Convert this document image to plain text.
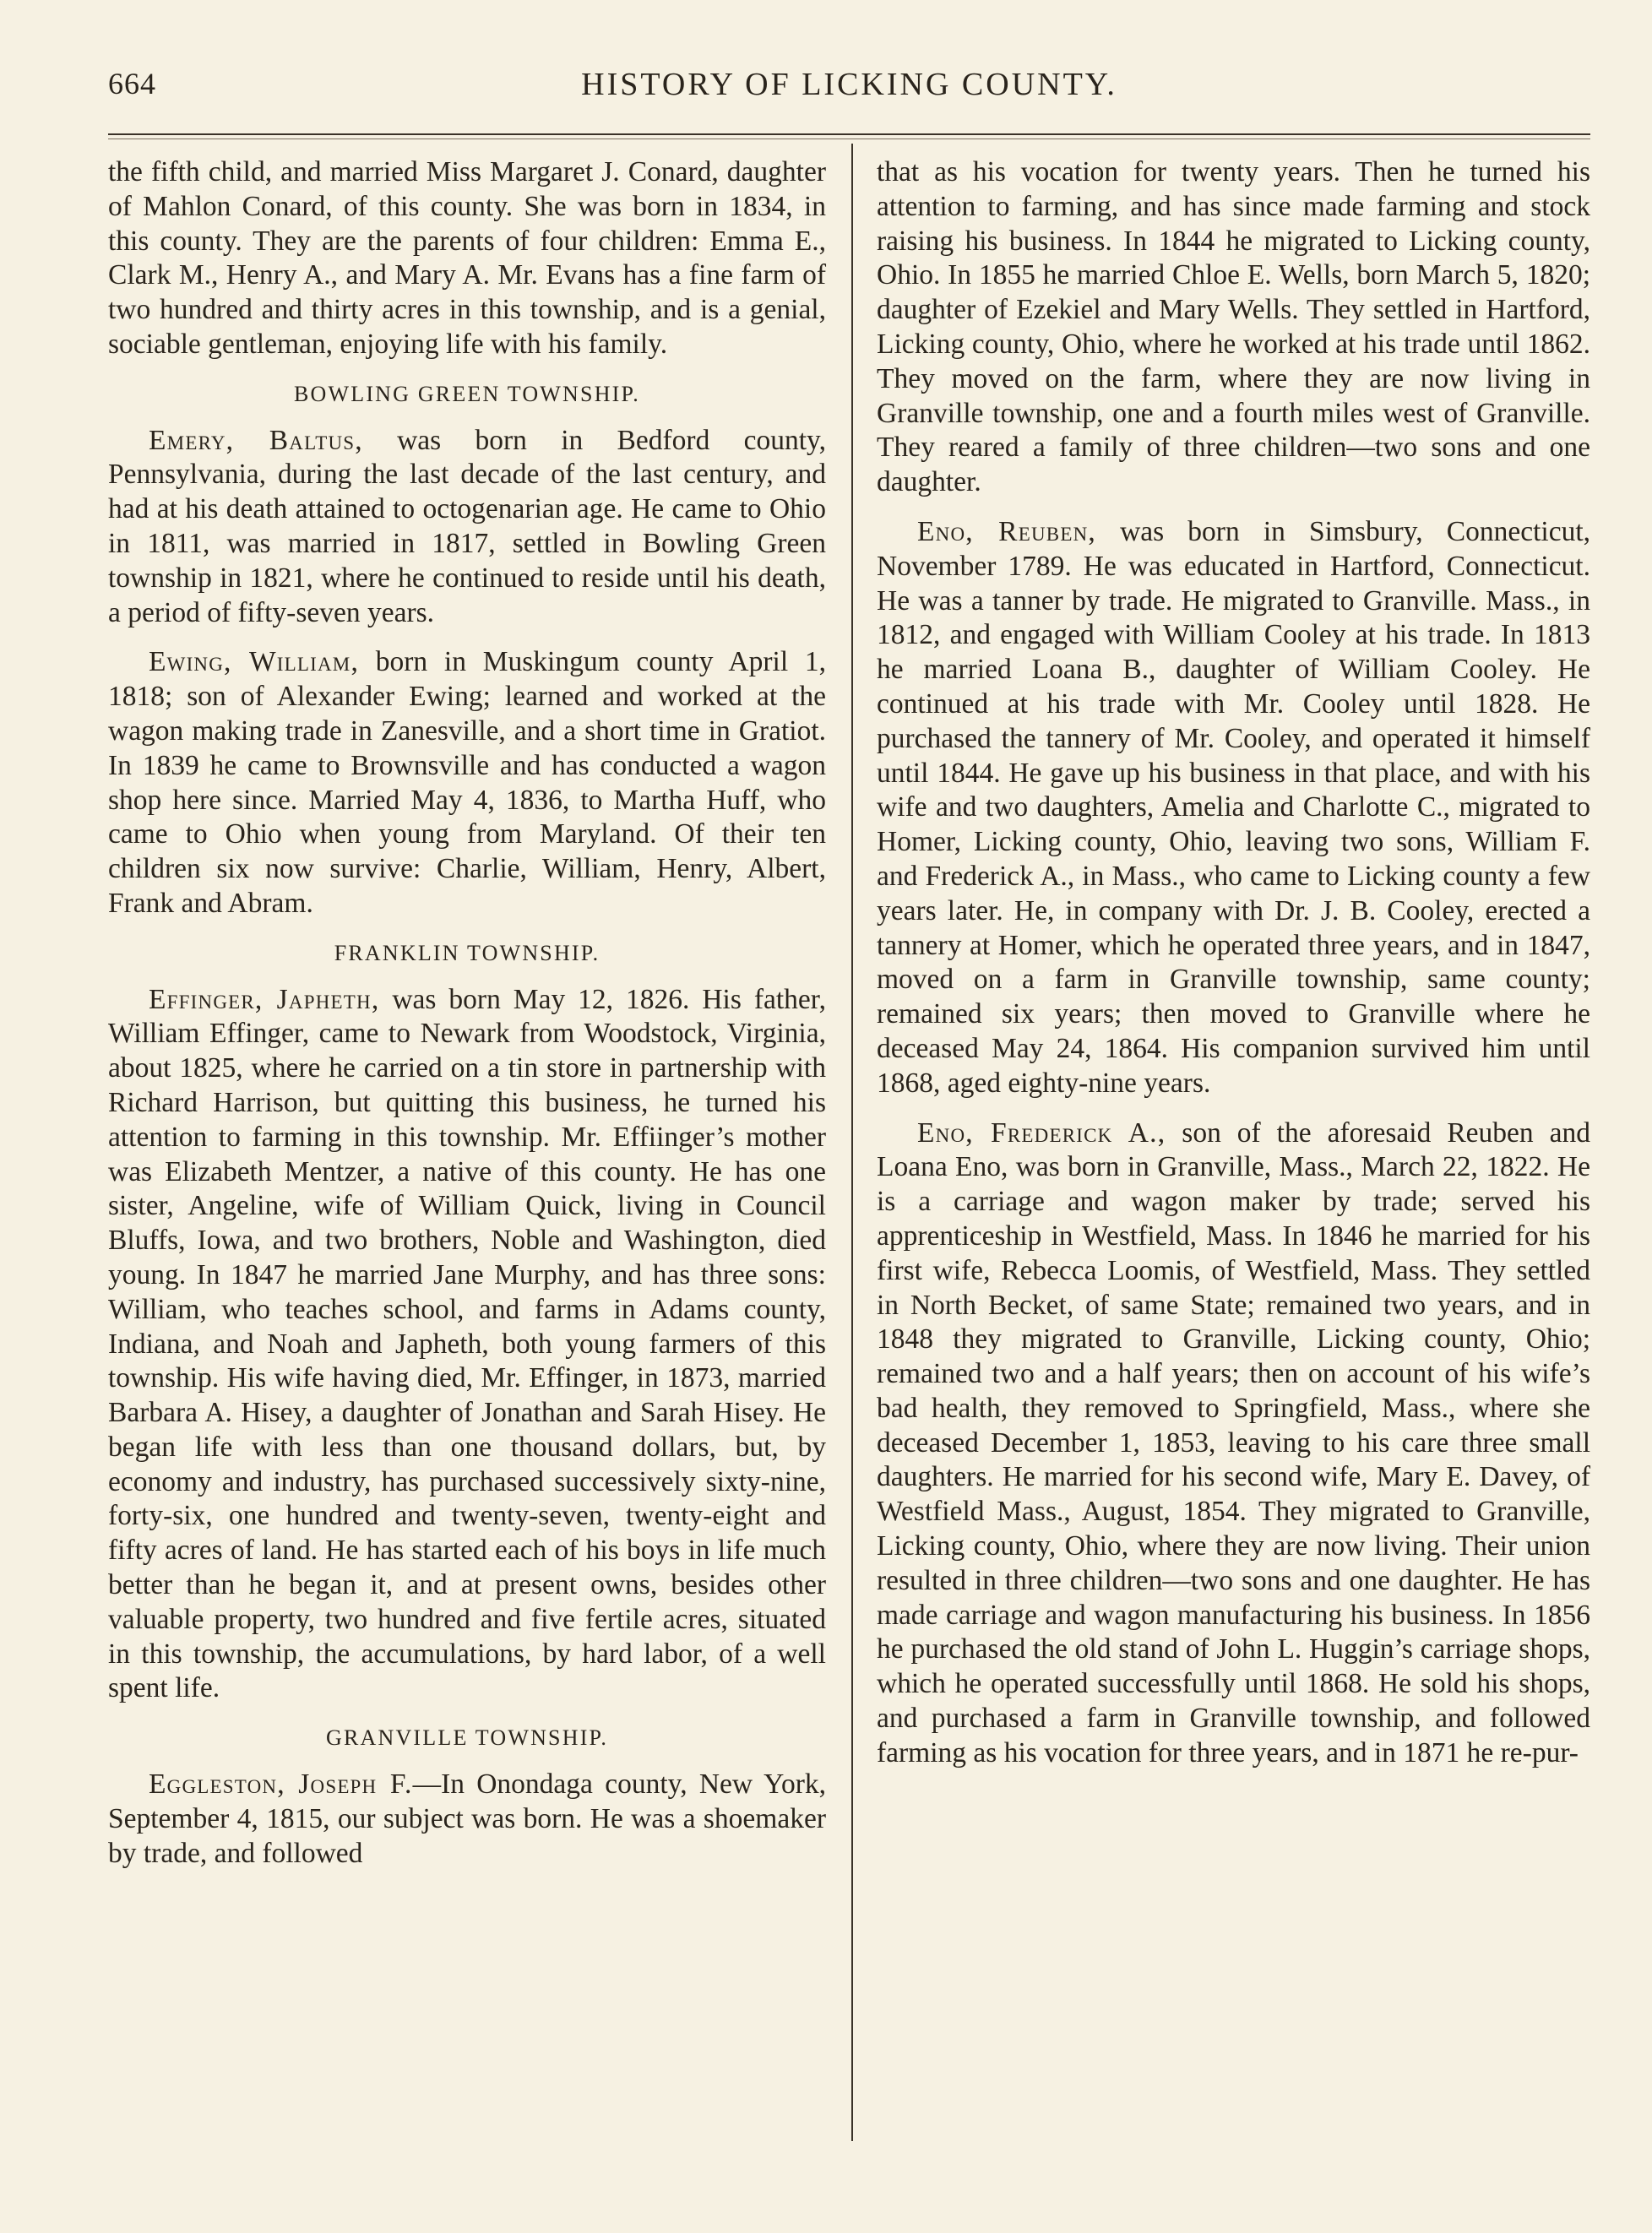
664	HISTORY OF LICKING COUNTY.

the fifth child, and married Miss Margaret J. Conard, daughter of Mahlon Conard, of this county. She was born in 1834, in this county. They are the parents of four children: Emma E., Clark M., Henry A., and Mary A. Mr. Evans has a fine farm of two hundred and thirty acres in this township, and is a genial, sociable gentleman, enjoying life with his family.

BOWLING GREEN TOWNSHIP.

Emery, Baltus, was born in Bedford county, Pennsylvania, during the last decade of the last century, and had at his death attained to octogenarian age. He came to Ohio in 1811, was married in 1817, settled in Bowling Green township in 1821, where he continued to reside until his death, a period of fifty-seven years.

Ewing, William, born in Muskingum county April 1, 1818; son of Alexander Ewing; learned and worked at the wagon making trade in Zanesville, and a short time in Gratiot. In 1839 he came to Brownsville and has conducted a wagon shop here since. Married May 4, 1836, to Martha Huff, who came to Ohio when young from Maryland. Of their ten children six now survive: Charlie, William, Henry, Albert, Frank and Abram.

FRANKLIN TOWNSHIP.

Effinger, Japheth, was born May 12, 1826. His father, William Effinger, came to Newark from Woodstock, Virginia, about 1825, where he carried on a tin store in partnership with Richard Harrison, but quitting this business, he turned his attention to farming in this township. Mr. Effiinger’s mother was Elizabeth Mentzer, a native of this county. He has one sister, Angeline, wife of William Quick, living in Council Bluffs, Iowa, and two brothers, Noble and Washington, died young. In 1847 he married Jane Murphy, and has three sons: William, who teaches school, and farms in Adams county, Indiana, and Noah and Japheth, both young farmers of this township. His wife having died, Mr. Effinger, in 1873, married Barbara A. Hisey, a daughter of Jonathan and Sarah Hisey. He began life with less than one thousand dollars, but, by economy and industry, has purchased successively sixty-nine, forty-six, one hundred and twenty-seven, twenty-eight and fifty acres of land. He has started each of his boys in life much better than he began it, and at present owns, besides other valuable property, two hundred and five fertile acres, situated in this township, the accumulations, by hard labor, of a well spent life.

GRANVILLE TOWNSHIP.

Eggleston, Joseph F.—In Onondaga county, New York, September 4, 1815, our subject was born. He was a shoemaker by trade, and followed

that as his vocation for twenty years. Then he turned his attention to farming, and has since made farming and stock raising his business. In 1844 he migrated to Licking county, Ohio. In 1855 he married Chloe E. Wells, born March 5, 1820; daughter of Ezekiel and Mary Wells. They settled in Hartford, Licking county, Ohio, where he worked at his trade until 1862. They moved on the farm, where they are now living in Granville township, one and a fourth miles west of Granville. They reared a family of three children—two sons and one daughter.

Eno, Reuben, was born in Simsbury, Connecticut, November 1789. He was educated in Hartford, Connecticut. He was a tanner by trade. He migrated to Granville. Mass., in 1812, and engaged with William Cooley at his trade. In 1813 he married Loana B., daughter of William Cooley. He continued at his trade with Mr. Cooley until 1828. He purchased the tannery of Mr. Cooley, and operated it himself until 1844. He gave up his business in that place, and with his wife and two daughters, Amelia and Charlotte C., migrated to Homer, Licking county, Ohio, leaving two sons, William F. and Frederick A., in Mass., who came to Licking county a few years later. He, in company with Dr. J. B. Cooley, erected a tannery at Homer, which he operated three years, and in 1847, moved on a farm in Granville township, same county; remained six years; then moved to Granville where he deceased May 24, 1864. His companion survived him until 1868, aged eighty-nine years.

Eno, Frederick A., son of the aforesaid Reuben and Loana Eno, was born in Granville, Mass., March 22, 1822. He is a carriage and wagon maker by trade; served his apprenticeship in Westfield, Mass. In 1846 he married for his first wife, Rebecca Loomis, of Westfield, Mass. They settled in North Becket, of same State; remained two years, and in 1848 they migrated to Granville, Licking county, Ohio; remained two and a half years; then on account of his wife’s bad health, they removed to Springfield, Mass., where she deceased December 1, 1853, leaving to his care three small daughters. He married for his second wife, Mary E. Davey, of Westfield Mass., August, 1854. They migrated to Granville, Licking county, Ohio, where they are now living. Their union resulted in three children—two sons and one daughter. He has made carriage and wagon manufacturing his business. In 1856 he purchased the old stand of John L. Huggin’s carriage shops, which he operated successfully until 1868. He sold his shops, and purchased a farm in Granville township, and followed farming as his vocation for three years, and in 1871 he re-pur-
